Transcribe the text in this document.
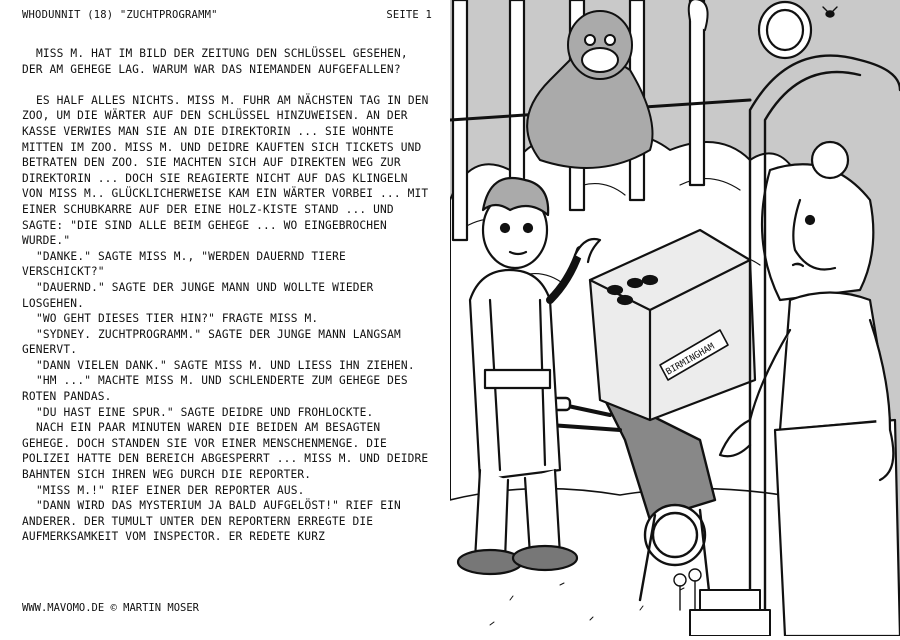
WHODUNNIT (18) "ZUCHTPROGRAMM"	SEITE 1

MISS M. HAT IM BILD DER ZEITUNG DEN SCHLÜSSEL GESEHEN, DER AM GEHEGE LAG. WARUM WAR DAS NIEMANDEN AUFGEFALLEN?

ES HALF ALLES NICHTS. MISS M. FUHR AM NÄCHSTEN TAG IN DEN ZOO, UM DIE WÄRTER AUF DEN SCHLÜSSEL HINZUWEISEN. AN DER KASSE VERWIES MAN SIE AN DIE DIREKTORIN ... SIE WOHNTE MITTEN IM ZOO. MISS M. UND DEIDRE KAUFTEN SICH TICKETS UND BETRATEN DEN ZOO. SIE MACHTEN SICH AUF DIREKTEN WEG ZUR DIREKTORIN ... DOCH SIE REAGIERTE NICHT AUF DAS KLINGELN VON MISS M.. GLÜCKLICHERWEISE KAM EIN WÄRTER VORBEI ... MIT EINER SCHUBKARRE AUF DER EINE HOLZ-KISTE STAND ... UND SAGTE: "DIE SIND ALLE BEIM GEHEGE ... WO EINGEBROCHEN WURDE."

"DANKE." SAGTE MISS M., "WERDEN DAUERND TIERE VERSCHICKT?"

"DAUERND." SAGTE DER JUNGE MANN UND WOLLTE WIEDER LOSGEHEN.

"WO GEHT DIESES TIER HIN?" FRAGTE MISS M.

"SYDNEY. ZUCHTPROGRAMM." SAGTE DER JUNGE MANN LANGSAM GENERVT.

"DANN VIELEN DANK." SAGTE MISS M. UND LIESS IHN ZIEHEN.

"HM ..." MACHTE MISS M. UND SCHLENDERTE ZUM GEHEGE DES ROTEN PANDAS.

"DU HAST EINE SPUR." SAGTE DEIDRE UND FROHLOCKTE.

NACH EIN PAAR MINUTEN WAREN DIE BEIDEN AM BESAGTEN GEHEGE. DOCH STANDEN SIE VOR EINER MENSCHENMENGE. DIE POLIZEI HATTE DEN BEREICH ABGESPERRT ... MISS M. UND DEIDRE BAHNTEN SICH IHREN WEG DURCH DIE REPORTER.

"MISS M.!" RIEF EINER DER REPORTER AUS.

"DANN WIRD DAS MYSTERIUM JA BALD AUFGELÖST!" RIEF EIN ANDERER. DER TUMULT UNTER DEN REPORTERN ERREGTE DIE AUFMERKSAMKEIT VOM INSPECTOR. ER REDETE KURZ

WWW.MAVOMO.DE © MARTIN MOSER
BIRMINGHAM
